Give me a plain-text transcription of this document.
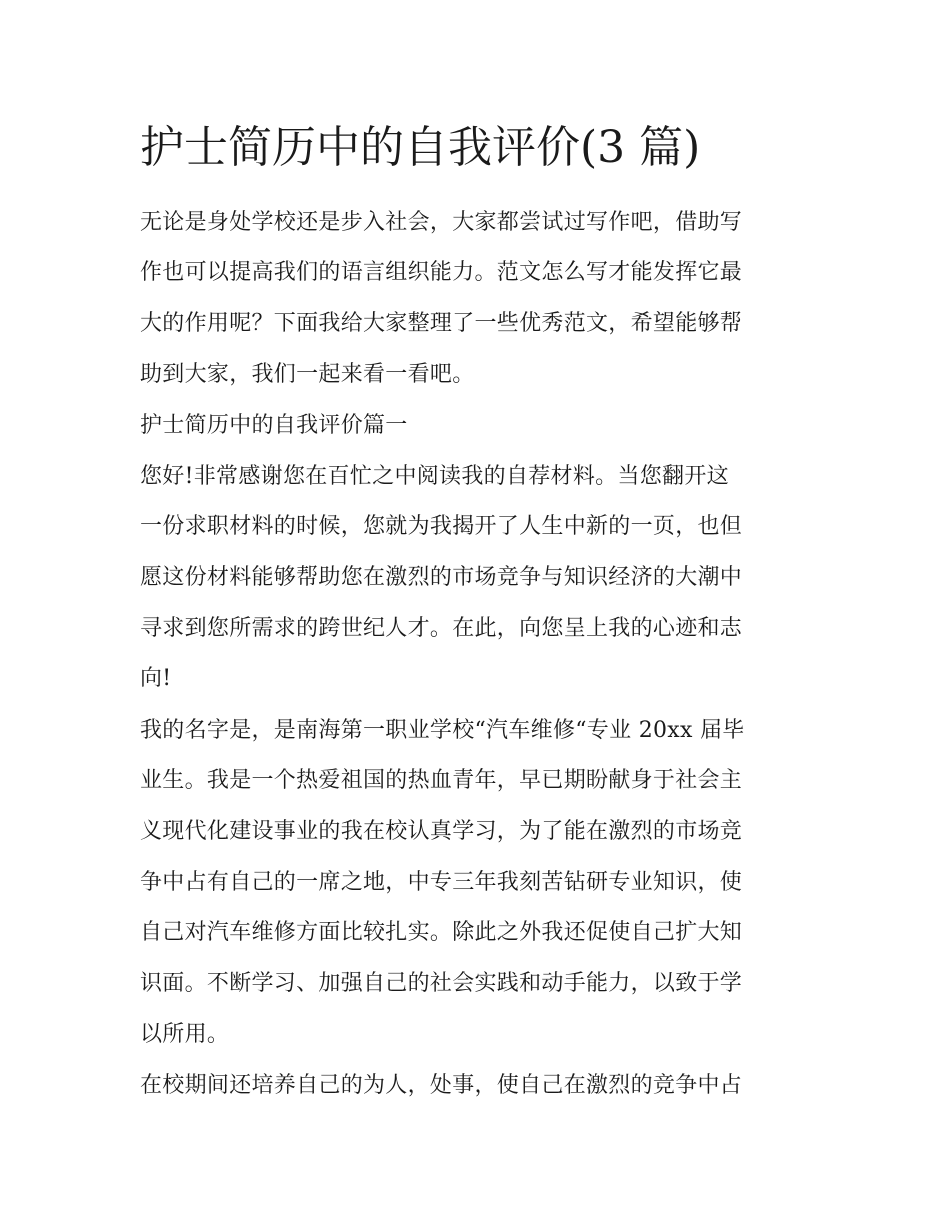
护士简历中的自我评价(3 篇)

无论是身处学校还是步入社会，大家都尝试过写作吧，借助写

作也可以提高我们的语言组织能力。范文怎么写才能发挥它最

大的作用呢？下面我给大家整理了一些优秀范文，希望能够帮

助到大家，我们一起来看一看吧。

护士简历中的自我评价篇一

您好!非常感谢您在百忙之中阅读我的自荐材料。当您翻开这

一份求职材料的时候，您就为我揭开了人生中新的一页，也但

愿这份材料能够帮助您在激烈的市场竞争与知识经济的大潮中

寻求到您所需求的跨世纪人才。在此，向您呈上我的心迹和志

向!

我的名字是，是南海第一职业学校“汽车维修“专业 20xx 届毕

业生。我是一个热爱祖国的热血青年，早已期盼献身于社会主

义现代化建设事业的我在校认真学习，为了能在激烈的市场竞

争中占有自己的一席之地，中专三年我刻苦钻研专业知识，使

自己对汽车维修方面比较扎实。除此之外我还促使自己扩大知

识面。不断学习、加强自己的社会实践和动手能力，以致于学

以所用。

在校期间还培养自己的为人，处事，使自己在激烈的竞争中占
